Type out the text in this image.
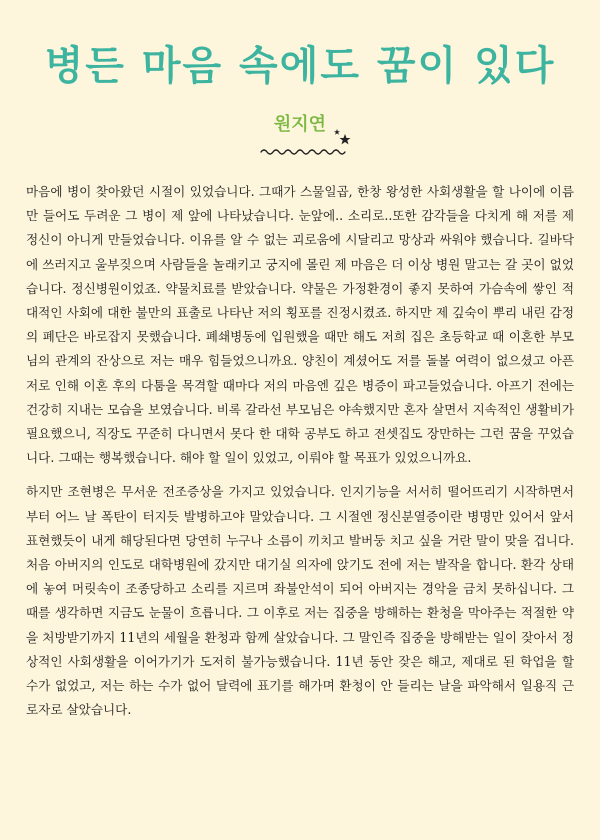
병든 마음 속에도 꿈이 있다
원지연

마음에 병이 찾아왔던 시절이 있었습니다. 그때가 스물일곱, 한창 왕성한 사회생활을 할 나이에 이름만 들어도 두려운 그 병이 제 앞에 나타났습니다. 눈앞에.. 소리로..또한 감각들을 다치게 해 저를 제정신이 아니게 만들었습니다. 이유를 알 수 없는 괴로움에 시달리고 망상과 싸워야 했습니다. 길바닥에 쓰러지고 울부짖으며 사람들을 놀래키고 궁지에 몰린 제 마음은 더 이상 병원 말고는 갈 곳이 없었습니다. 정신병원이었죠. 약물치료를 받았습니다. 약물은 가정환경이 좋지 못하여 가슴속에 쌓인 적대적인 사회에 대한 불만의 표출로 나타난 저의 횡포를 진정시켰죠. 하지만 제 깊숙이 뿌리 내린 감정의 폐단은 바로잡지 못했습니다. 폐쇄병동에 입원했을 때만 해도 저희 집은 초등학교 때 이혼한 부모님의 관계의 잔상으로 저는 매우 힘들었으니까요. 양친이 계셨어도 저를 돌볼 여력이 없으셨고 아픈 저로 인해 이혼 후의 다툼을 목격할 때마다 저의 마음엔 깊은 병증이 파고들었습니다. 아프기 전에는 건강히 지내는 모습을 보였습니다. 비록 갈라선 부모님은 야속했지만 혼자 살면서 지속적인 생활비가 필요했으니, 직장도 꾸준히 다니면서 못다 한 대학 공부도 하고 전셋집도 장만하는 그런 꿈을 꾸었습니다. 그때는 행복했습니다. 해야 할 일이 있었고, 이뤄야 할 목표가 있었으니까요.

하지만 조현병은 무서운 전조증상을 가지고 있었습니다. 인지기능을 서서히 떨어뜨리기 시작하면서부터 어느 날 폭탄이 터지듯 발병하고야 말았습니다. 그 시절엔 정신분열증이란 병명만 있어서 앞서 표현했듯이 내게 해당된다면 당연히 누구나 소름이 끼치고 발버둥 치고 싶을 거란 말이 맞을 겁니다. 처음 아버지의 인도로 대학병원에 갔지만 대기실 의자에 앉기도 전에 저는 발작을 합니다. 환각 상태에 놓여 머릿속이 조종당하고 소리를 지르며 좌불안석이 되어 아버지는 경악을 금치 못하십니다. 그때를 생각하면 지금도 눈물이 흐릅니다. 그 이후로 저는 집중을 방해하는 환청을 막아주는 적절한 약을 처방받기까지 11년의 세월을 환청과 함께 살았습니다. 그 말인즉 집중을 방해받는 일이 잦아서 정상적인 사회생활을 이어가기가 도저히 불가능했습니다. 11년 동안 잦은 해고, 제대로 된 학업을 할 수가 없었고, 저는 하는 수가 없어 달력에 표기를 해가며 환청이 안 들리는 날을 파악해서 일용직 근로자로 살았습니다.
